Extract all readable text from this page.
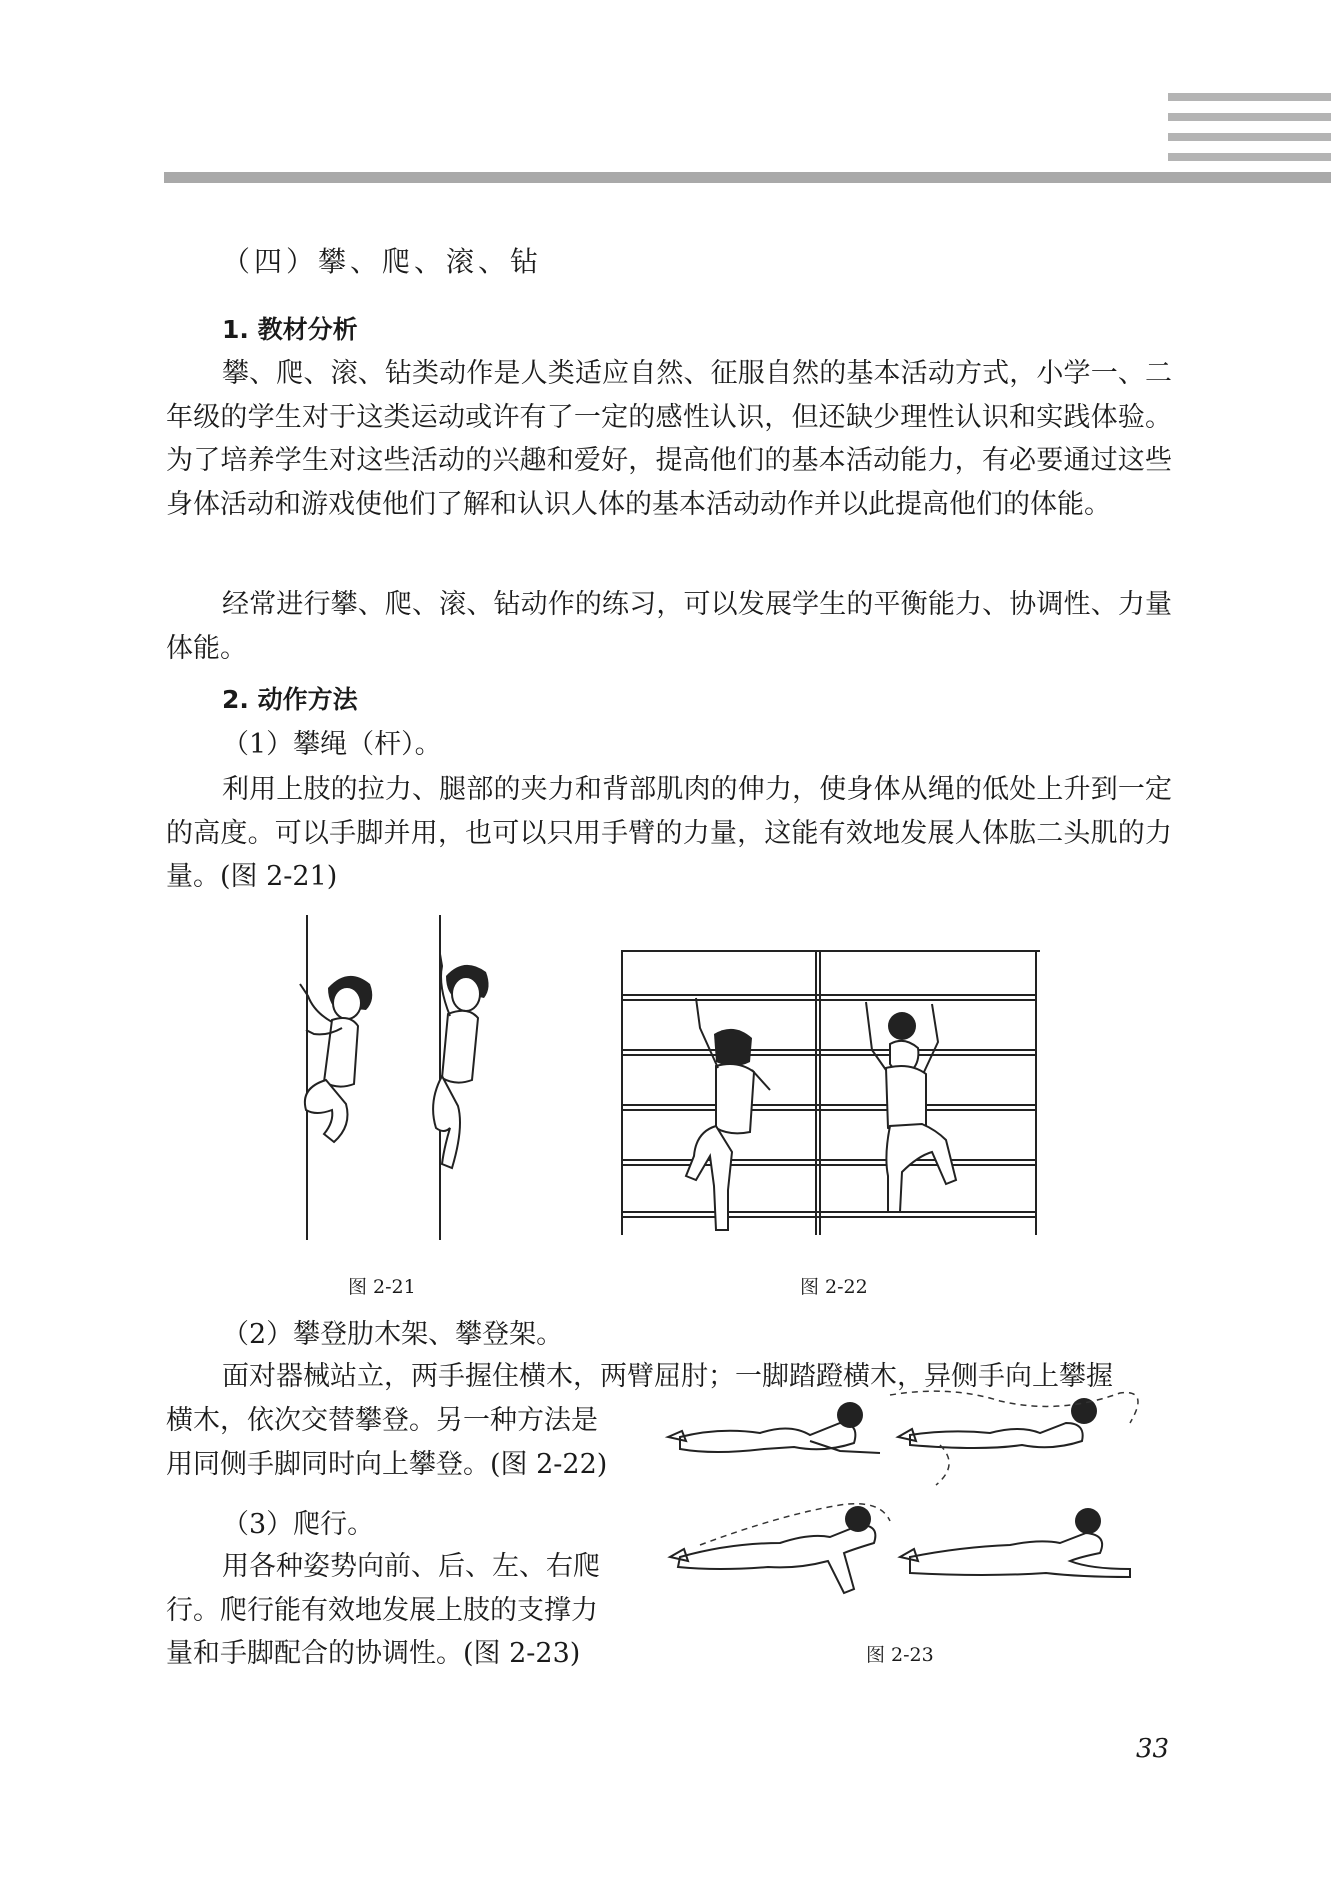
（四）攀、爬、滚、钻
1. 教材分析

攀、爬、滚、钻类动作是人类适应自然、征服自然的基本活动方式，小学一、二年级的学生对于这类运动或许有了一定的感性认识，但还缺少理性认识和实践体验。为了培养学生对这些活动的兴趣和爱好，提高他们的基本活动能力，有必要通过这些身体活动和游戏使他们了解和认识人体的基本活动动作并以此提高他们的体能。

经常进行攀、爬、滚、钻动作的练习，可以发展学生的平衡能力、协调性、力量体能。

2. 动作方法
（1）攀绳（杆）。

利用上肢的拉力、腿部的夹力和背部肌肉的伸力，使身体从绳的低处上升到一定的高度。可以手脚并用，也可以只用手臂的力量，这能有效地发展人体肱二头肌的力量。(图 2-21)

图 2-21	图 2-22
（2）攀登肋木架、攀登架。

面对器械站立，两手握住横木，两臂屈肘；一脚踏蹬横木，异侧手向上攀握

横木，依次交替攀登。另一种方法是

用同侧手脚同时向上攀登。(图 2-22)

（3）爬行。

用各种姿势向前、后、左、右爬

行。爬行能有效地发展上肢的支撑力

量和手脚配合的协调性。(图 2-23)	图 2-23
33
